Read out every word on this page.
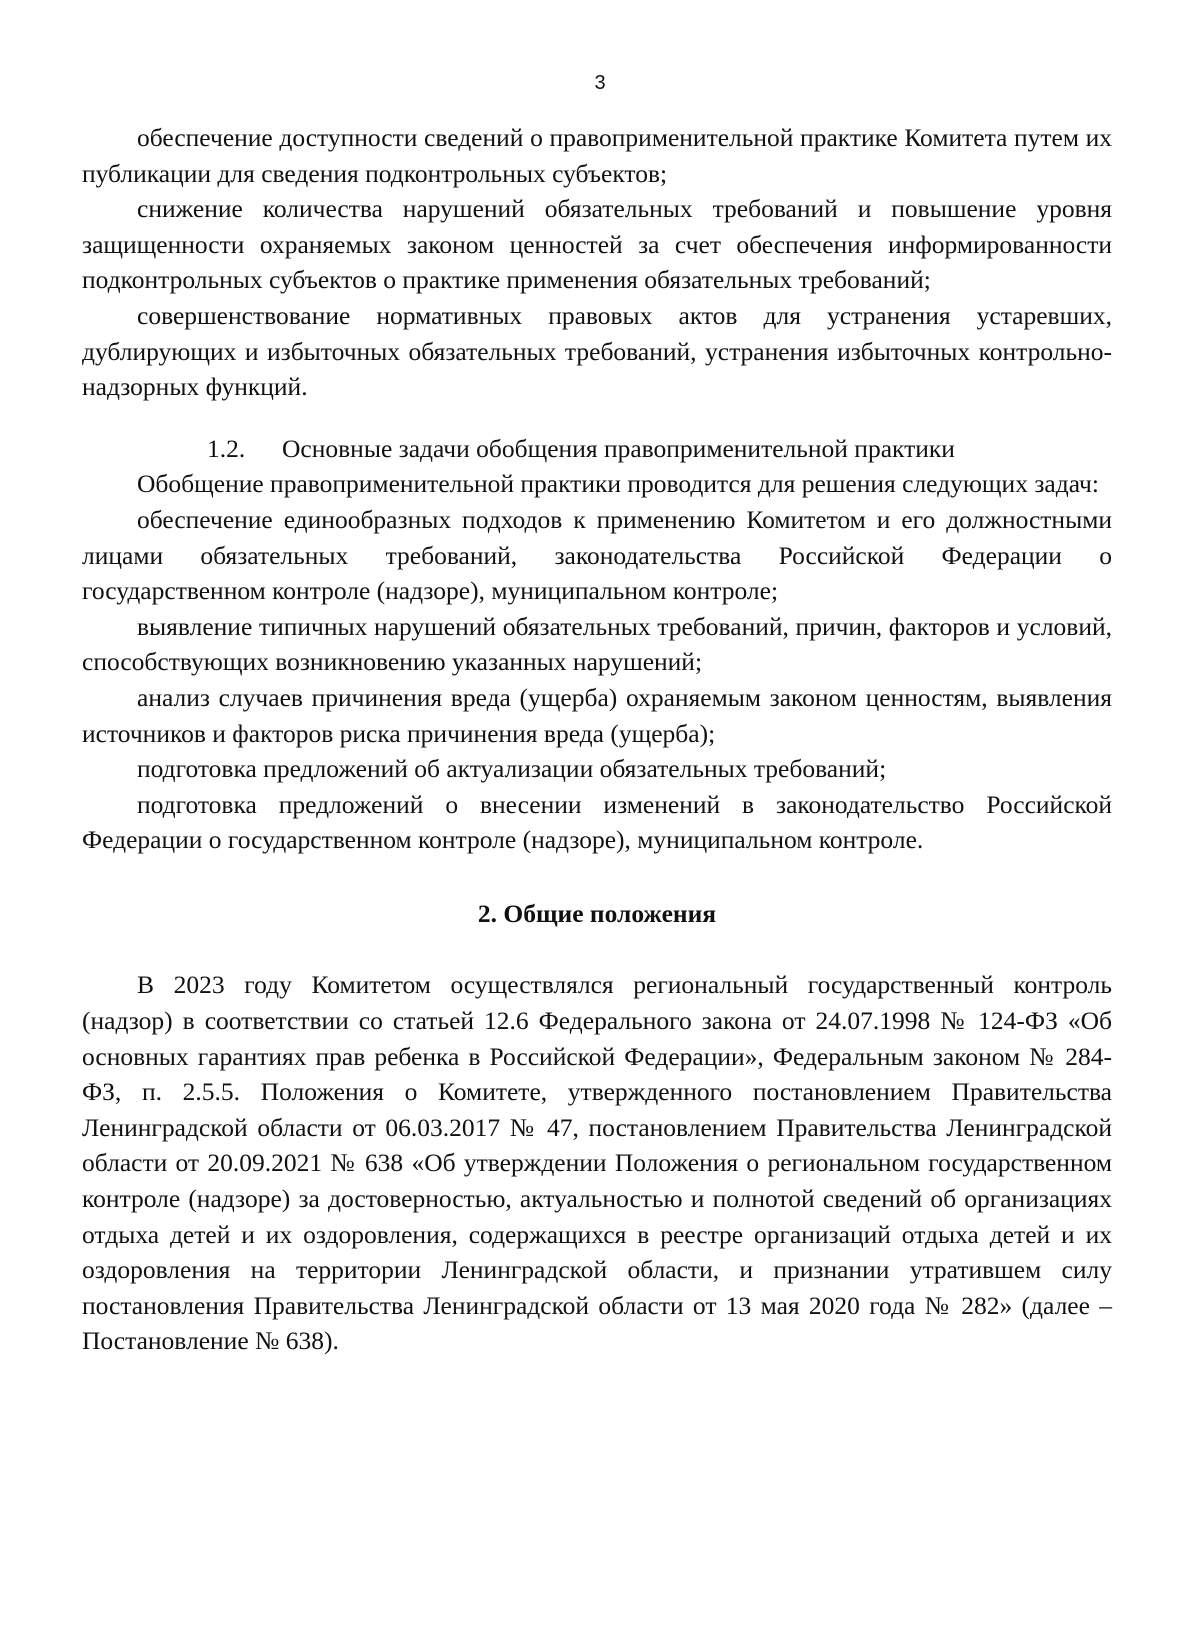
3

обеспечение доступности сведений о правоприменительной практике Комитета путем их публикации для сведения подконтрольных субъектов;

снижение количества нарушений обязательных требований и повышение уровня защищенности охраняемых законом ценностей за счет обеспечения информированности подконтрольных субъектов о практике применения обязательных требований;

совершенствование нормативных правовых актов для устранения устаревших, дублирующих и избыточных обязательных требований, устранения избыточных контрольно-надзорных функций.

1.2. Основные задачи обобщения правоприменительной практики

Обобщение правоприменительной практики проводится для решения следующих задач:

обеспечение единообразных подходов к применению Комитетом и его должностными лицами обязательных требований, законодательства Российской Федерации о государственном контроле (надзоре), муниципальном контроле;

выявление типичных нарушений обязательных требований, причин, факторов и условий, способствующих возникновению указанных нарушений;

анализ случаев причинения вреда (ущерба) охраняемым законом ценностям, выявления источников и факторов риска причинения вреда (ущерба);

подготовка предложений об актуализации обязательных требований;

подготовка предложений о внесении изменений в законодательство Российской Федерации о государственном контроле (надзоре), муниципальном контроле.

2. Общие положения

В 2023 году Комитетом осуществлялся региональный государственный контроль (надзор) в соответствии со статьей 12.6 Федерального закона от 24.07.1998 № 124-ФЗ «Об основных гарантиях прав ребенка в Российской Федерации», Федеральным законом № 284-ФЗ, п. 2.5.5. Положения о Комитете, утвержденного постановлением Правительства Ленинградской области от 06.03.2017 № 47, постановлением Правительства Ленинградской области от 20.09.2021 № 638 «Об утверждении Положения о региональном государственном контроле (надзоре) за достоверностью, актуальностью и полнотой сведений об организациях отдыха детей и их оздоровления, содержащихся в реестре организаций отдыха детей и их оздоровления на территории Ленинградской области, и признании утратившем силу постановления Правительства Ленинградской области от 13 мая 2020 года № 282» (далее – Постановление № 638).
